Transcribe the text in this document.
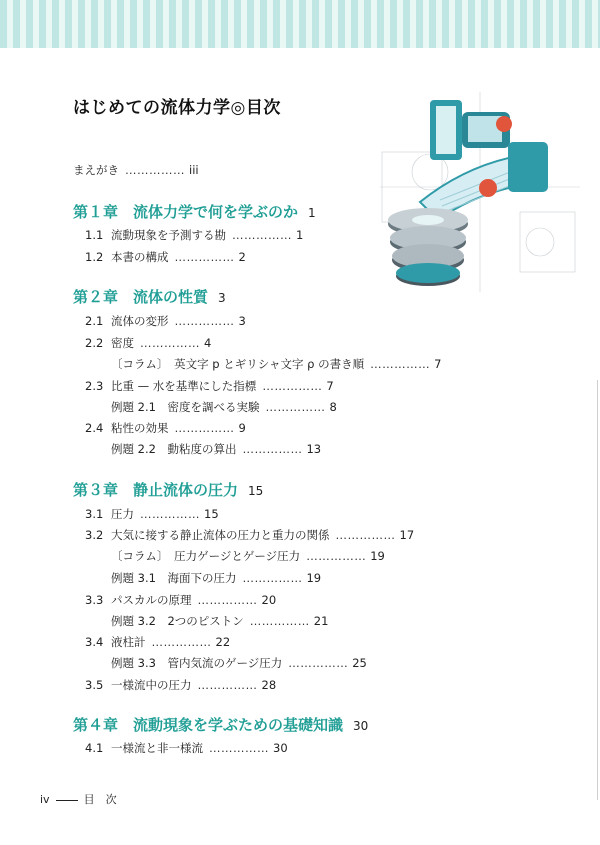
はじめての流体力学◎目次
まえがき …………… iii
第１章　流体力学で何を学ぶのか 1
1.1 流動現象を予測する勘 …………… 1
1.2 本書の構成 …………… 2
第２章　流体の性質 3
2.1 流体の変形 …………… 3
2.2 密度 …………… 4
〔コラム〕　英文字 p とギリシャ文字 ρ の書き順 …………… 7
2.3 比重 — 水を基準にした指標 …………… 7
例題 2.1　密度を調べる実験 …………… 8
2.4 粘性の効果 …………… 9
例題 2.2　動粘度の算出 …………… 13
第３章　静止流体の圧力 15
3.1 圧力 …………… 15
3.2 大気に接する静止流体の圧力と重力の関係 …………… 17
〔コラム〕　圧力ゲージとゲージ圧力 …………… 19
例題 3.1　海面下の圧力 …………… 19
3.3 パスカルの原理 …………… 20
例題 3.2　2つのピストン …………… 21
3.4 液柱計 …………… 22
例題 3.3　管内気流のゲージ圧力 …………… 25
3.5 一様流中の圧力 …………… 28
第４章　流動現象を学ぶための基礎知識 30
4.1 一様流と非一様流 …………… 30
iv	目　次
